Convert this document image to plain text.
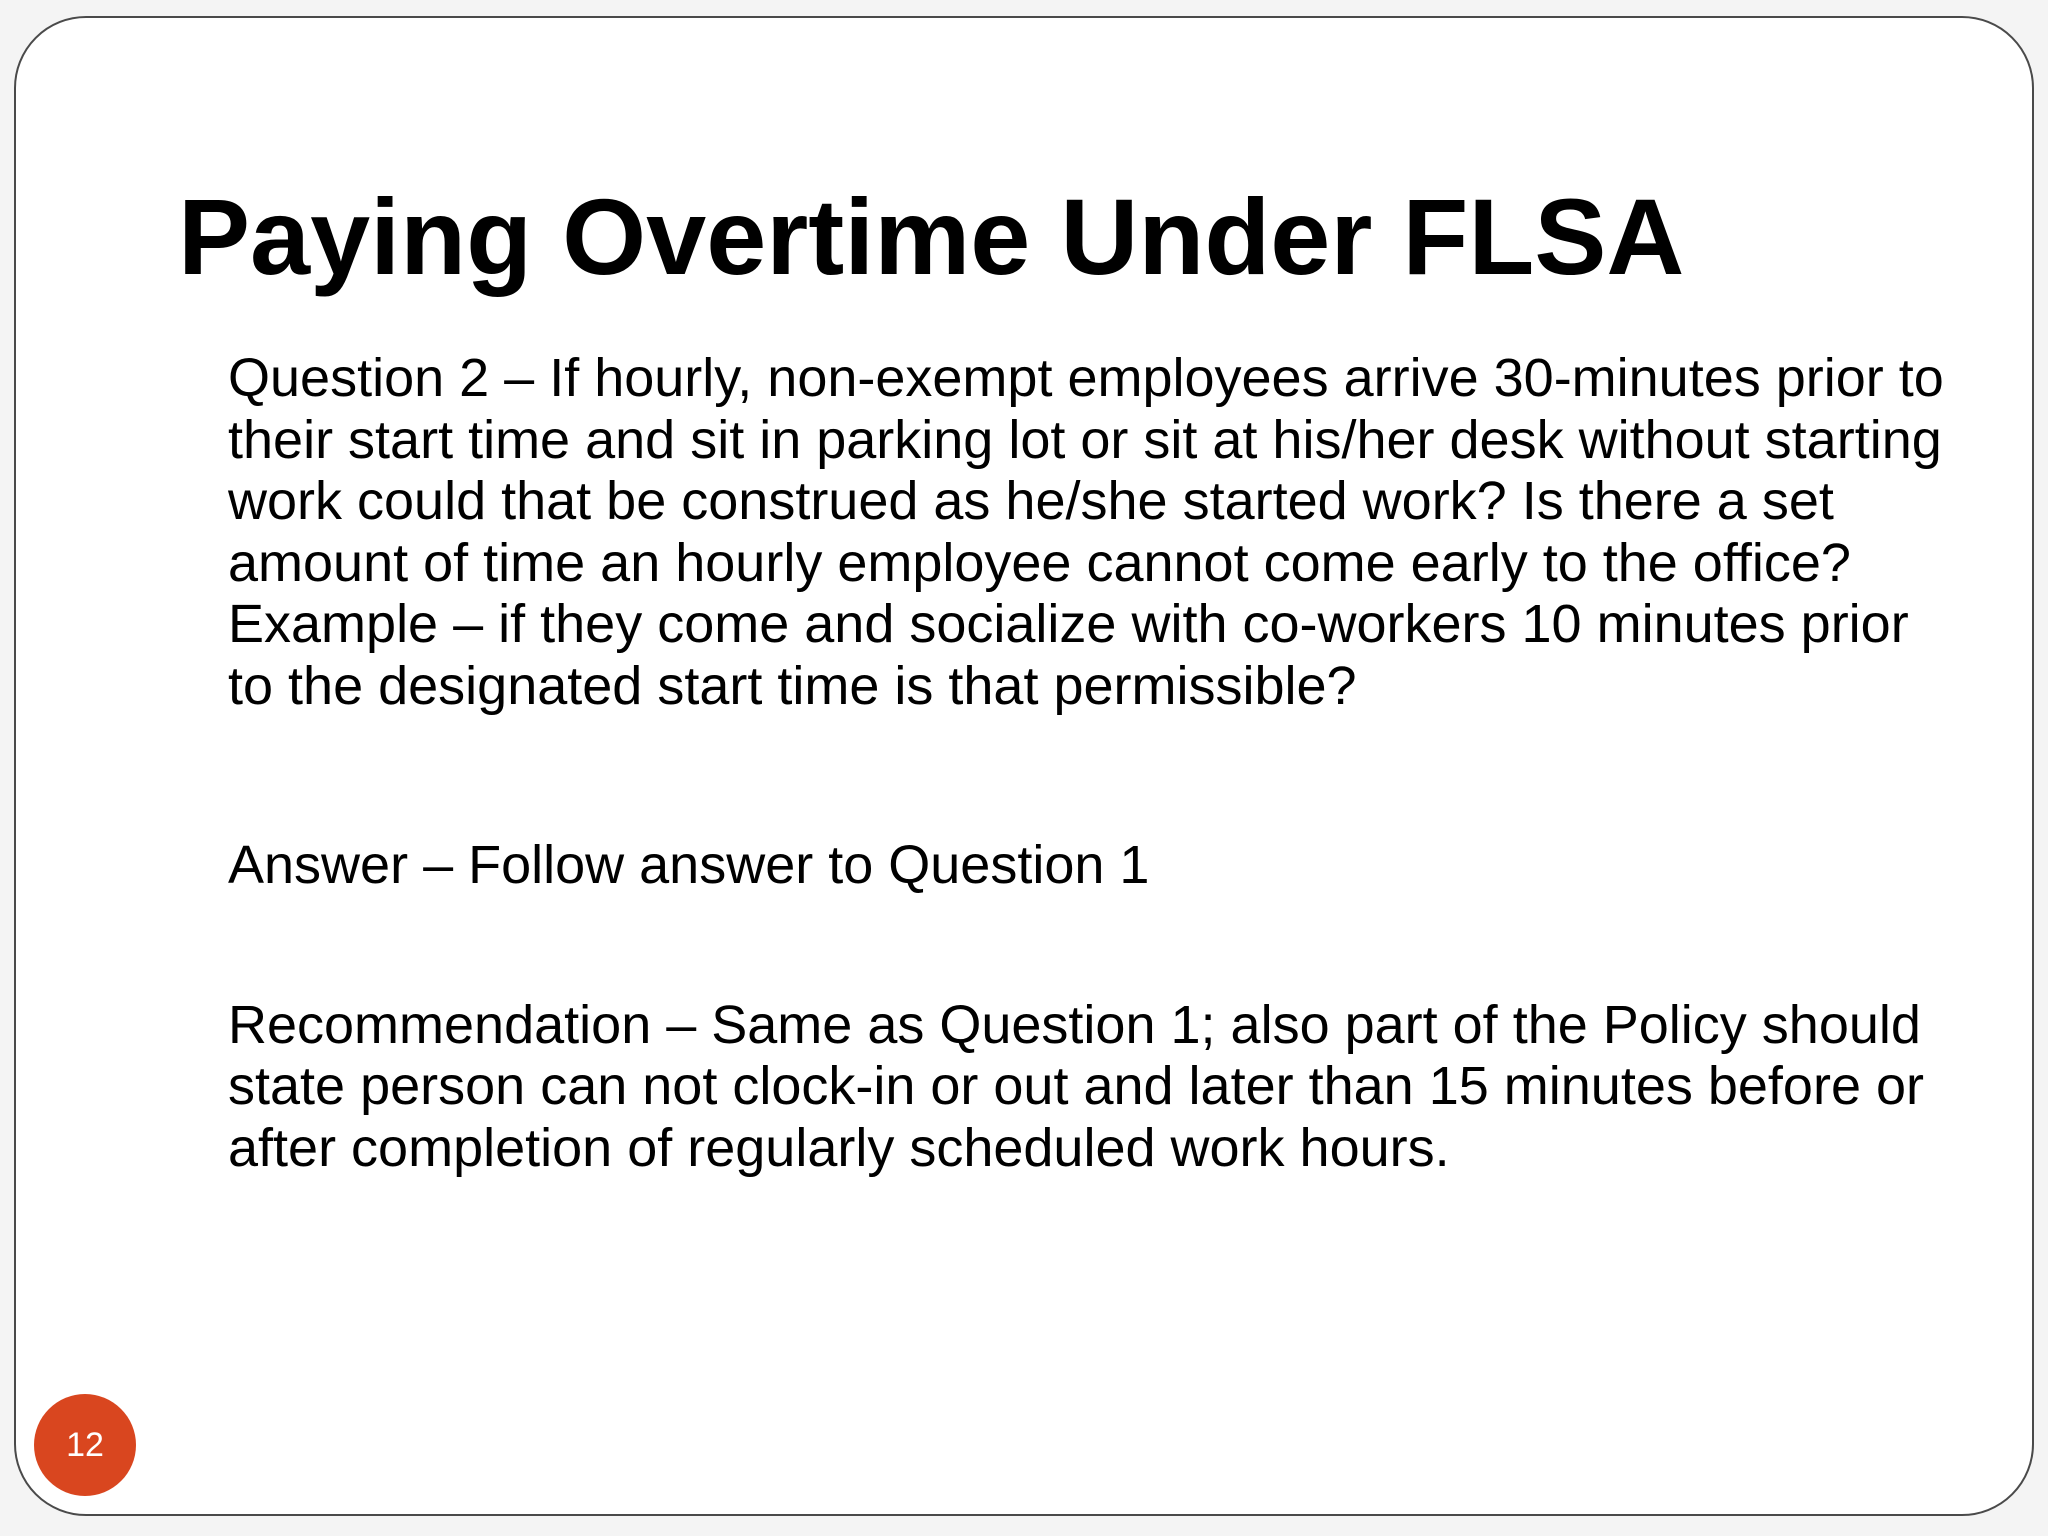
Paying Overtime Under FLSA

Question 2 – If hourly, non-exempt employees arrive 30-minutes prior to their start time and sit in parking lot or sit at his/her desk without starting work could that be construed as he/she started work? Is there a set amount of time an hourly employee cannot come early to the office? Example – if they come and socialize with co-workers 10 minutes prior to the designated start time is that permissible?

Answer – Follow answer to Question 1

Recommendation – Same as Question 1; also part of the Policy should state person can not clock-in or out and later than 15 minutes before or after completion of regularly scheduled work hours.

12
